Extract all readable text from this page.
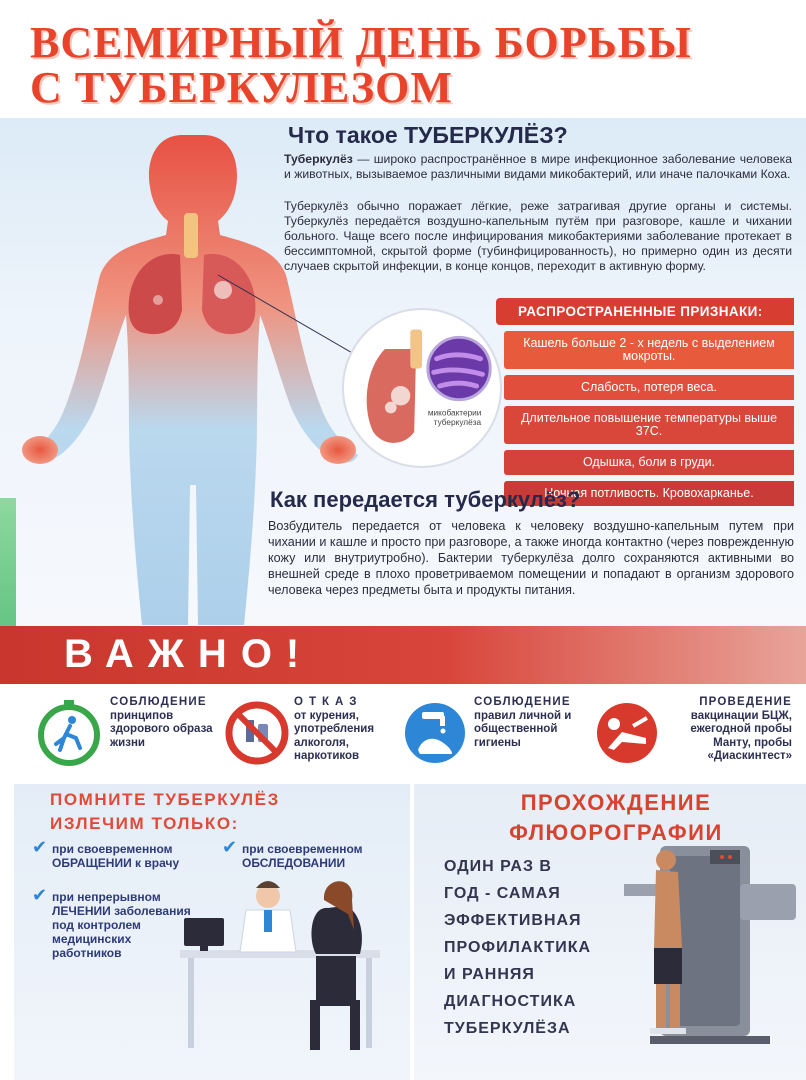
ВСЕМИРНЫЙ ДЕНЬ БОРЬБЫ
С ТУБЕРКУЛЕЗОМ
Что такое ТУБЕРКУЛЁЗ?
Туберкулёз — широко распространённое в мире инфекционное заболевание человека и животных, вызываемое различными видами микобактерий, или иначе палочками Коха.
Туберкулёз обычно поражает лёгкие, реже затрагивая другие органы и системы. Туберкулёз передаётся воздушно-капельным путём при разговоре, кашле и чихании больного. Чаще всего после инфицирования микобактериями заболевание протекает в бессимптомной, скрытой форме (тубинфицированность), но примерно один из десяти случаев скрытой инфекции, в конце концов, переходит в активную форму.
микобактерии туберкулёза
РАСПРОСТРАНЕННЫЕ ПРИЗНАКИ:
Кашель больше 2 - х недель с выделением мокроты.
Слабость, потеря веса.
Длительное повышение температуры выше 37С.
Одышка, боли в груди.
Ночная потливость. Кровохарканье.
Как передается туберкулёз?
Возбудитель передается от человека к человеку воздушно-капельным путем при чихании и кашле и просто при разговоре, а также иногда контактно (через поврежденную кожу или внутриутробно). Бактерии туберкулёза долго сохраняются активными во внешней среде в плохо проветриваемом помещении и попадают в организм здорового человека через предметы быта и продукты питания.
ВАЖНО!
СОБЛЮДЕНИЕ
принципов здорового образа жизни
ОТКАЗ
от курения, употребления алкоголя, наркотиков
СОБЛЮДЕНИЕ
правил личной и общественной гигиены
ПРОВЕДЕНИЕ
вакцинации БЦЖ, ежегодной пробы Манту, пробы «Диаскинтест»
ПОМНИТЕ ТУБЕРКУЛЁЗ
ИЗЛЕЧИМ ТОЛЬКО:
✔ при своевременном
ОБРАЩЕНИИ к врачу
✔ при своевременном
ОБСЛЕДОВАНИИ
✔ при непрерывном
ЛЕЧЕНИИ заболевания под контролем медицинских работников
ПРОХОЖДЕНИЕ
ФЛЮОРОГРАФИИ
ОДИН РАЗ В
ГОД - САМАЯ
ЭФФЕКТИВНАЯ
ПРОФИЛАКТИКА
И РАННЯЯ
ДИАГНОСТИКА
ТУБЕРКУЛЁЗА
